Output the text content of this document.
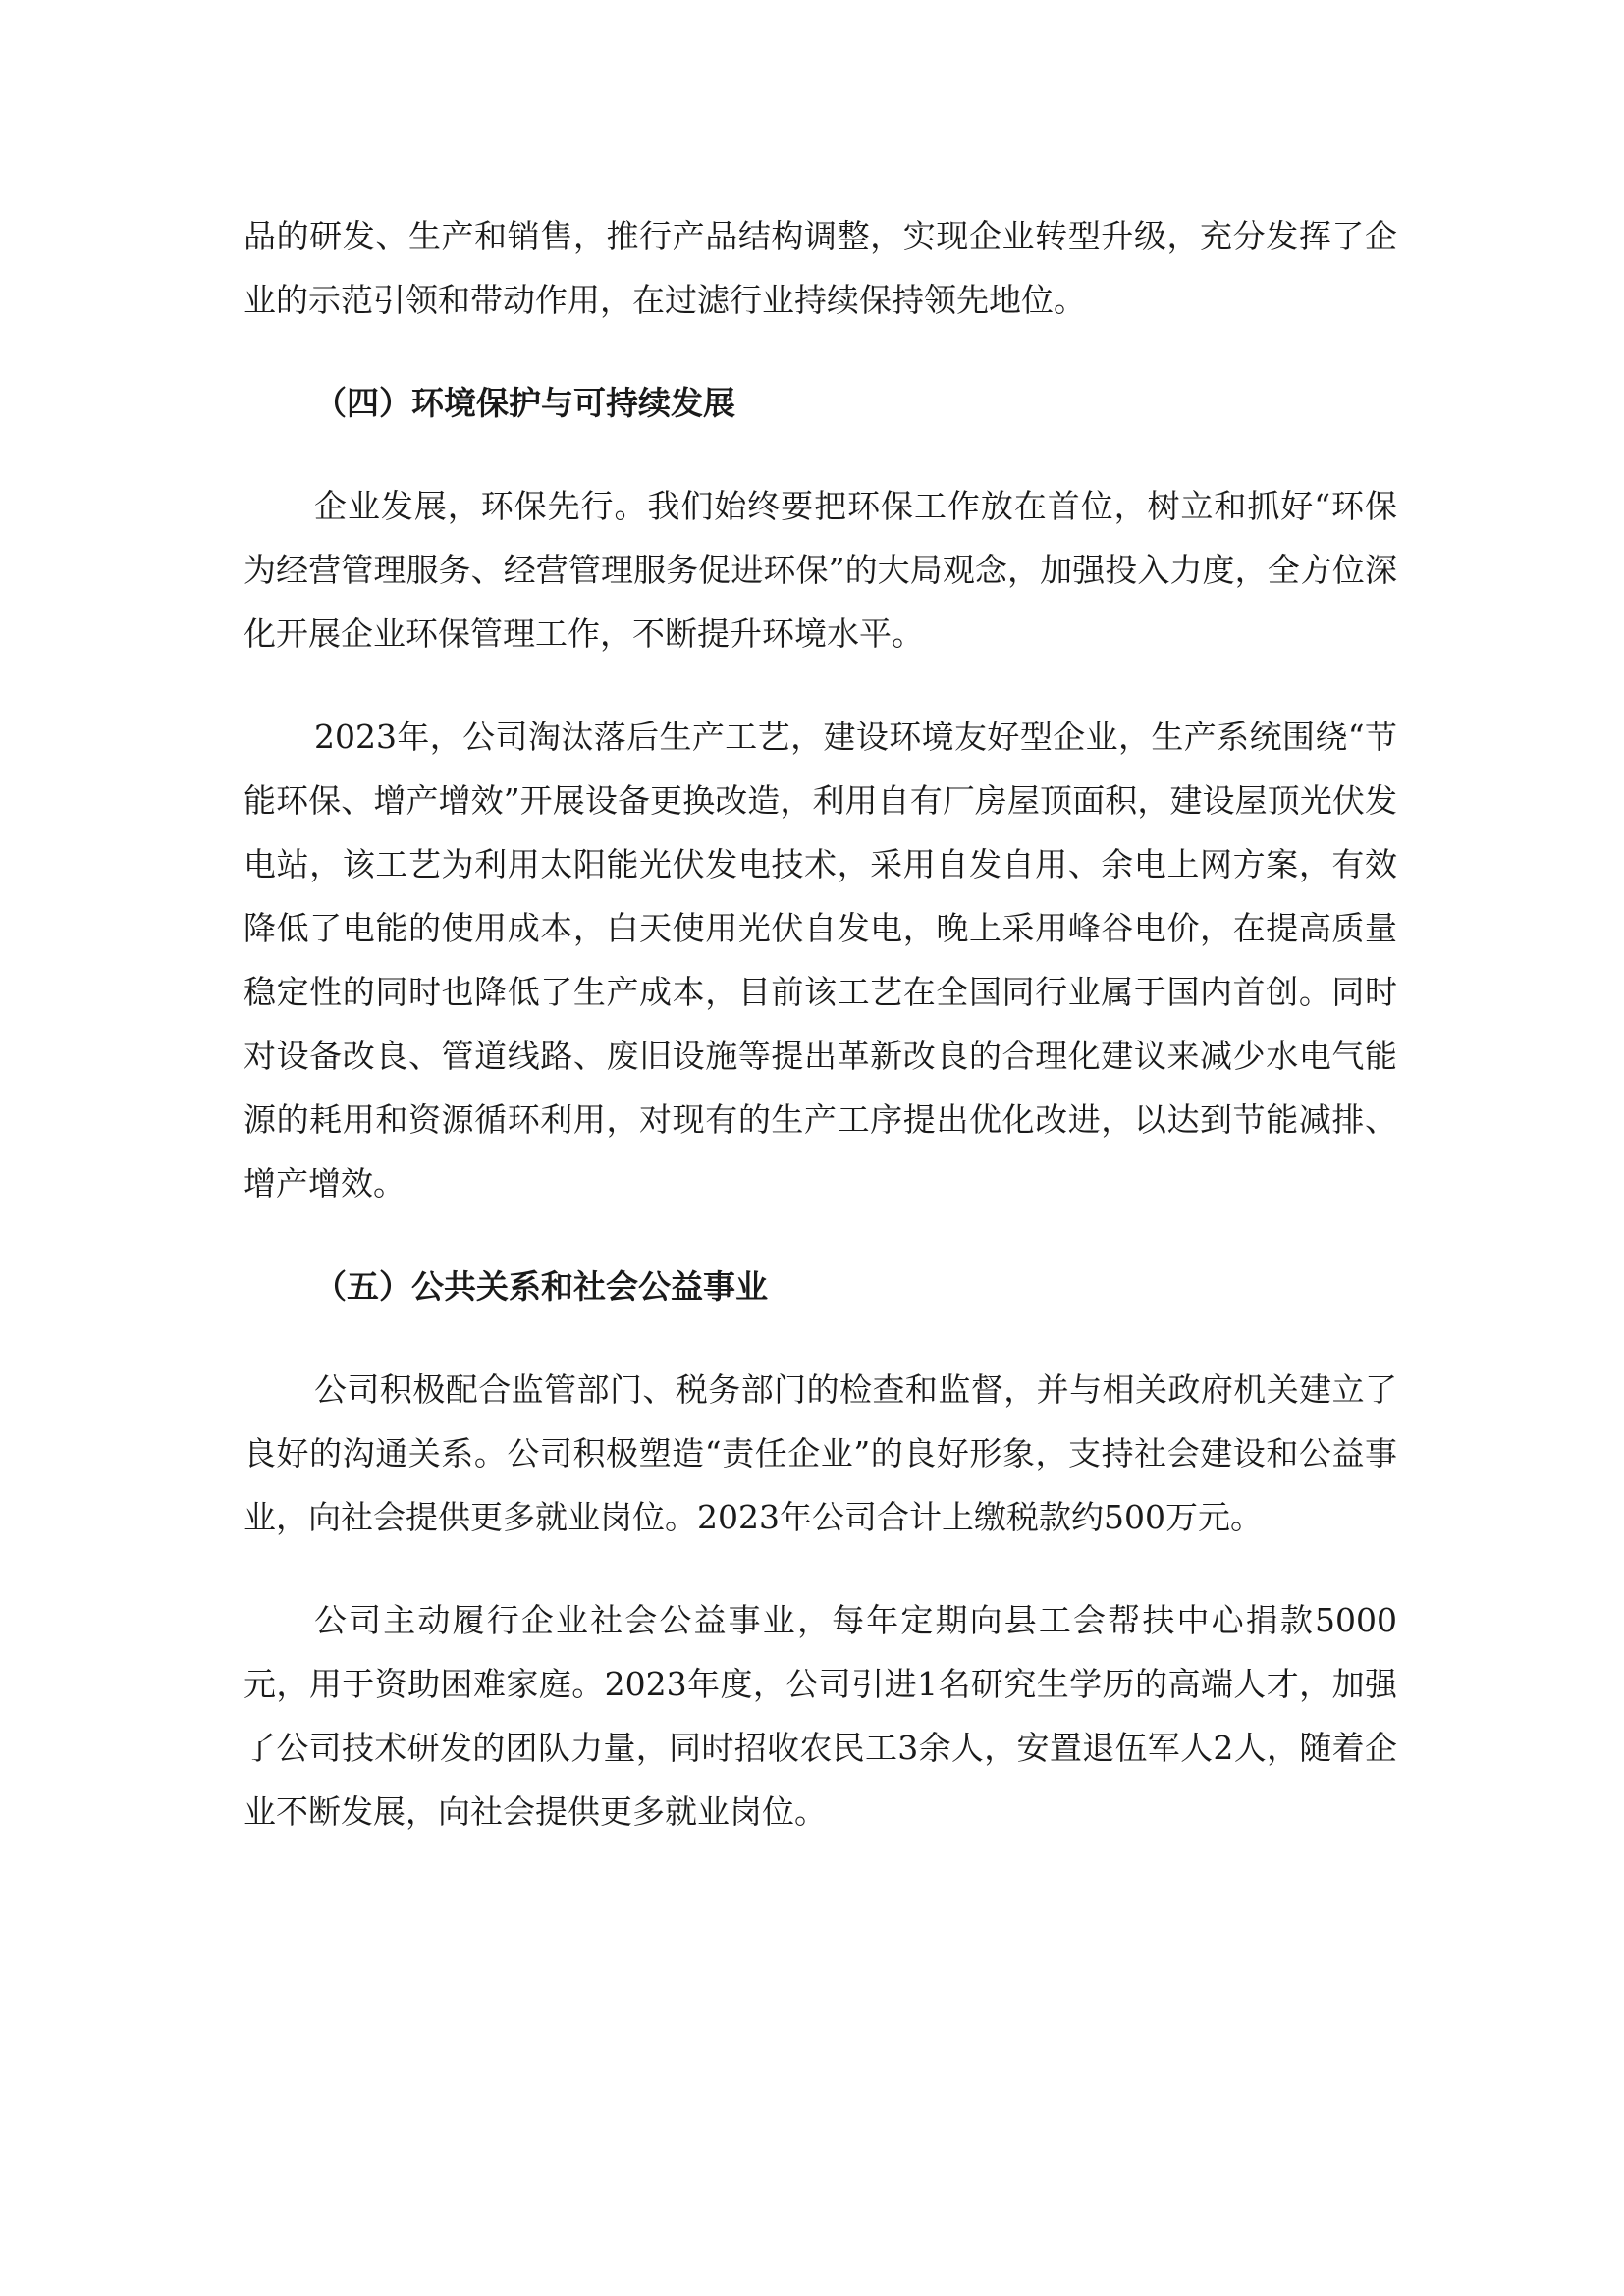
品的研发、生产和销售，推行产品结构调整，实现企业转型升级，充分发挥了企业的示范引领和带动作用，在过滤行业持续保持领先地位。

（四）环境保护与可持续发展

企业发展，环保先行。我们始终要把环保工作放在首位，树立和抓好“环保为经营管理服务、经营管理服务促进环保”的大局观念，加强投入力度，全方位深化开展企业环保管理工作，不断提升环境水平。

2023年，公司淘汰落后生产工艺，建设环境友好型企业，生产系统围绕“节能环保、增产增效”开展设备更换改造，利用自有厂房屋顶面积，建设屋顶光伏发电站，该工艺为利用太阳能光伏发电技术，采用自发自用、余电上网方案，有效降低了电能的使用成本，白天使用光伏自发电，晚上采用峰谷电价，在提高质量稳定性的同时也降低了生产成本，目前该工艺在全国同行业属于国内首创。同时对设备改良、管道线路、废旧设施等提出革新改良的合理化建议来减少水电气能源的耗用和资源循环利用，对现有的生产工序提出优化改进，以达到节能减排、增产增效。

（五）公共关系和社会公益事业

公司积极配合监管部门、税务部门的检查和监督，并与相关政府机关建立了良好的沟通关系。公司积极塑造“责任企业”的良好形象，支持社会建设和公益事业，向社会提供更多就业岗位。2023年公司合计上缴税款约500万元。

公司主动履行企业社会公益事业，每年定期向县工会帮扶中心捐款5000元，用于资助困难家庭。2023年度，公司引进1名研究生学历的高端人才，加强了公司技术研发的团队力量，同时招收农民工3余人，安置退伍军人2人，随着企业不断发展，向社会提供更多就业岗位。
